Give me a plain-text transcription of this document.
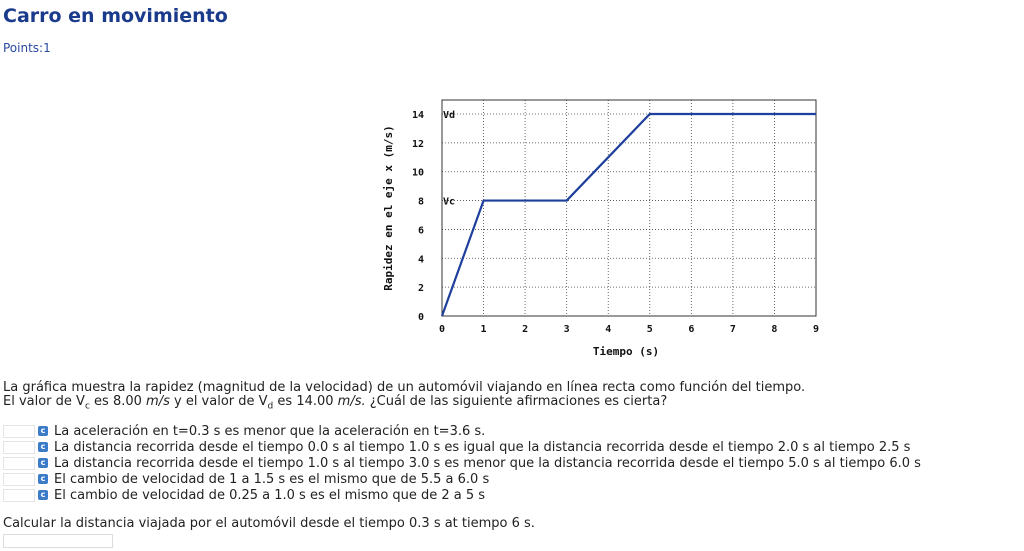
Carro en movimiento
Points:1
0	1	2	3	4	5	6	7	8	9
0
2
4
6
8
10
12
14 Vd
Vc
Tiempo (s)
Rapidez en el eje x (m/s)
La gráfica muestra la rapidez (magnitud de la velocidad) de un automóvil viajando en línea recta como función del tiempo.
El valor de $V_c$ es 8.00 m/s y el valor de $V_d$ es 14.00 m/s. ¿Cuál de las siguiente afirmaciones es cierta?
c La aceleración en t=0.3 s es menor que la aceleración en t=3.6 s.
c La distancia recorrida desde el tiempo 0.0 s al tiempo 1.0 s es igual que la distancia recorrida desde el tiempo 2.0 s al tiempo 2.5 s
c La distancia recorrida desde el tiempo 1.0 s al tiempo 3.0 s es menor que la distancia recorrida desde el tiempo 5.0 s al tiempo 6.0 s
c El cambio de velocidad de 1 a 1.5 s es el mismo que de 5.5 a 6.0 s
c El cambio de velocidad de 0.25 a 1.0 s es el mismo que de 2 a 5 s
Calcular la distancia viajada por el automóvil desde el tiempo 0.3 s at tiempo 6 s.
